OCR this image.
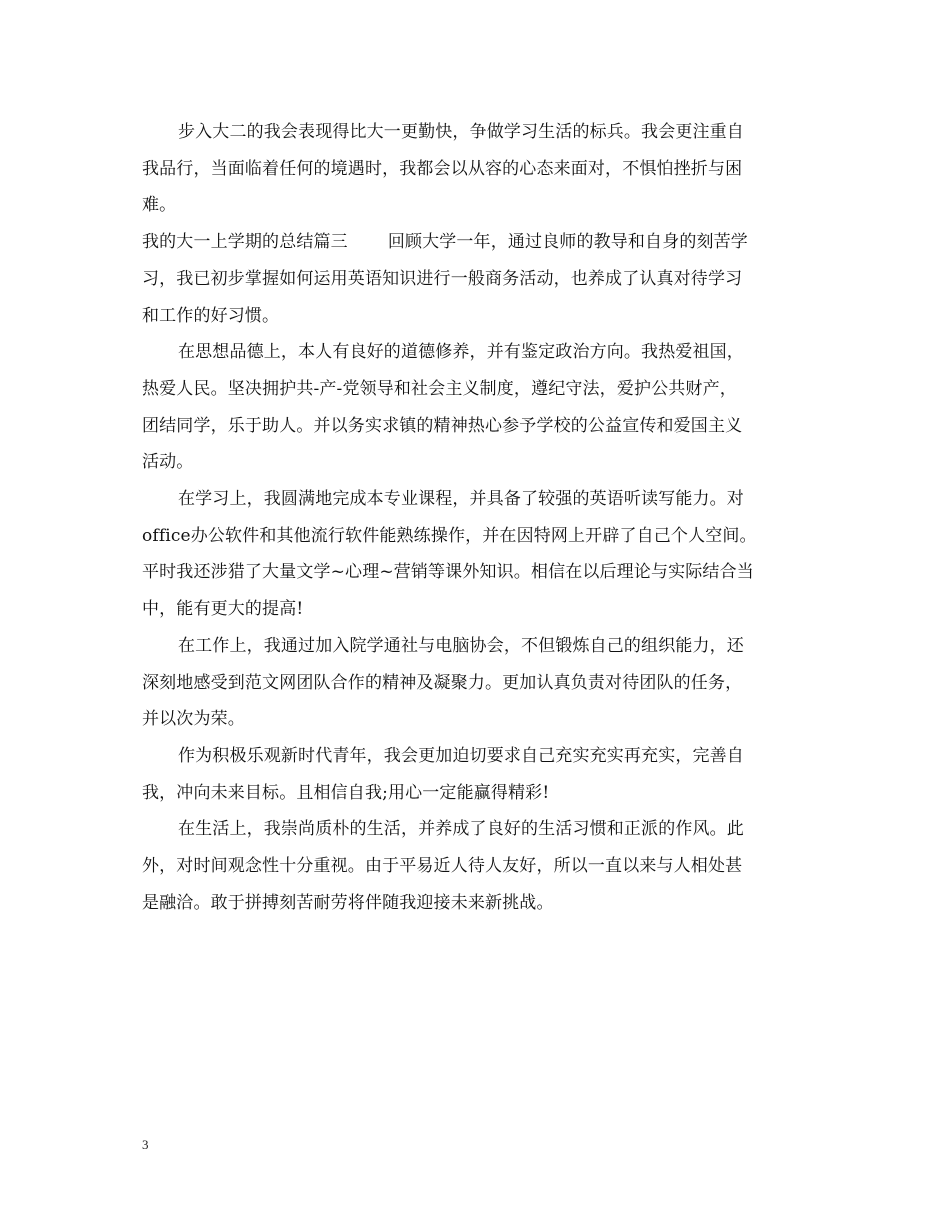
步入大二的我会表现得比大一更勤快，争做学习生活的标兵。我会更注重自
我品行，当面临着任何的境遇时，我都会以从容的心态来面对，不惧怕挫折与困
难。

我的大一上学期的总结篇三 回顾大学一年，通过良师的教导和自身的刻苦学
习，我已初步掌握如何运用英语知识进行一般商务活动，也养成了认真对待学习
和工作的好习惯。

在思想品德上，本人有良好的道德修养，并有鉴定政治方向。我热爱祖国，
热爱人民。坚决拥护共-产-党领导和社会主义制度，遵纪守法，爱护公共财产，
团结同学，乐于助人。并以务实求镇的精神热心参予学校的公益宣传和爱国主义
活动。

在学习上，我圆满地完成本专业课程，并具备了较强的英语听读写能力。对
office办公软件和其他流行软件能熟练操作，并在因特网上开辟了自己个人空间。
平时我还涉猎了大量文学~心理~营销等课外知识。相信在以后理论与实际结合当
中，能有更大的提高!

在工作上，我通过加入院学通社与电脑协会，不但锻炼自己的组织能力，还
深刻地感受到范文网团队合作的精神及凝聚力。更加认真负责对待团队的任务，
并以次为荣。

作为积极乐观新时代青年，我会更加迫切要求自己充实充实再充实，完善自
我，冲向未来目标。且相信自我;用心一定能赢得精彩!

在生活上，我崇尚质朴的生活，并养成了良好的生活习惯和正派的作风。此
外，对时间观念性十分重视。由于平易近人待人友好，所以一直以来与人相处甚
是融洽。敢于拼搏刻苦耐劳将伴随我迎接未来新挑战。

3
